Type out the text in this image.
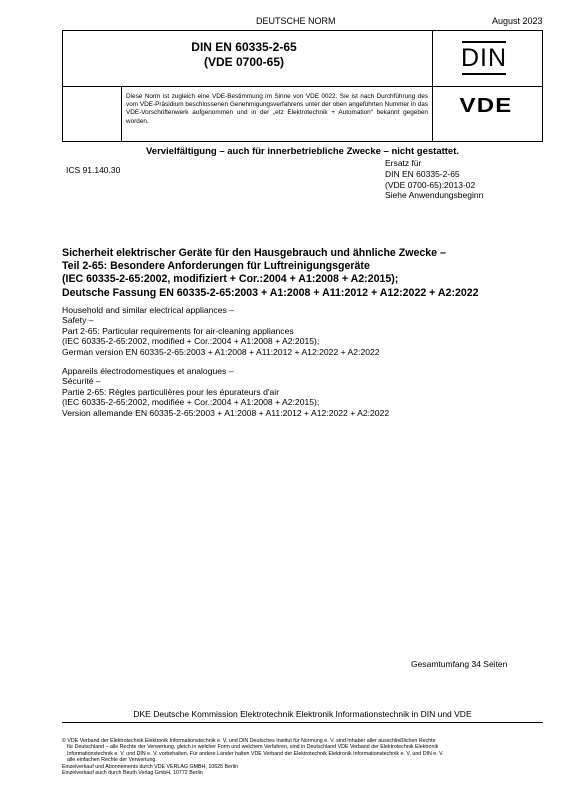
DEUTSCHE NORM	August 2023
DIN EN 60335-2-65
(VDE 0700-65)	DIN
VDE
Diese Norm ist zugleich eine VDE-Bestimmung im Sinne von VDE 0022. Sie ist nach Durchführung des vom VDE-Präsidium beschlossenen Genehmigungsverfahrens unter der oben angeführten Nummer in das VDE-Vorschriftenwerk aufgenommen und in der „etz Elektrotechnik + Automation“ bekannt gegeben worden.
Vervielfältigung – auch für innerbetriebliche Zwecke – nicht gestattet.
ICS 91.140.30
Ersatz für
DIN EN 60335-2-65
(VDE 0700-65):2013-02
Siehe Anwendungsbeginn
Sicherheit elektrischer Geräte für den Hausgebrauch und ähnliche Zwecke –
Teil 2-65: Besondere Anforderungen für Luftreinigungsgeräte
(IEC 60335-2-65:2002, modifiziert + Cor.:2004 + A1:2008 + A2:2015);
Deutsche Fassung EN 60335-2-65:2003 + A1:2008 + A11:2012 + A12:2022 + A2:2022
Household and similar electrical appliances –
Safety –
Part 2-65: Particular requirements for air-cleaning appliances
(IEC 60335-2-65:2002, modified + Cor.:2004 + A1:2008 + A2:2015);
German version EN 60335-2-65:2003 + A1:2008 + A11:2012 + A12:2022 + A2:2022
Appareils électrodomestiques et analogues –
Sécurité –
Partie 2-65: Règles particulières pour les épurateurs d'air
(IEC 60335-2-65:2002, modifiée + Cor.:2004 + A1:2008 + A2:2015);
Version allemande EN 60335-2-65:2003 + A1:2008 + A11:2012 + A12:2022 + A2:2022
Gesamtumfang 34 Seiten
DKE Deutsche Kommission Elektrotechnik Elektronik Informationstechnik in DIN und VDE
© VDE Verband der Elektrotechnik Elektronik Informationstechnik e. V. und DIN Deutsches Institut für Normung e. V. sind Inhaber aller ausschließlichen Rechte
für Deutschland – alle Rechte der Verwertung, gleich in welcher Form und welchem Verfahren, sind in Deutschland VDE Verband der Elektrotechnik Elektronik
Informationstechnik e. V. und DIN e. V. vorbehalten. Für andere Länder halten VDE Verband der Elektrotechnik Elektronik Informationstechnik e. V. und DIN e. V.
alle einfachen Rechte der Verwertung.
Einzelverkauf und Abonnements durch VDE VERLAG GMBH, 10625 Berlin
Einzelverkauf auch durch Beuth Verlag GmbH, 10772 Berlin
